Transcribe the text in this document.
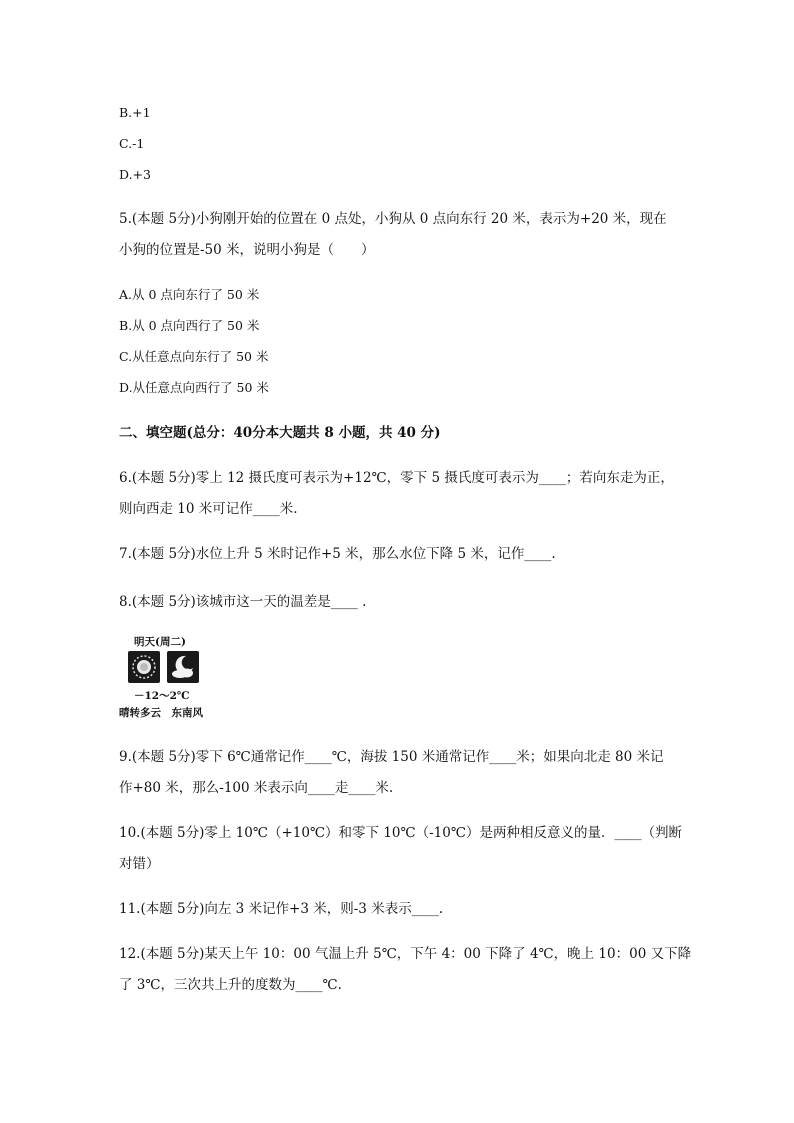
B.+1
C.-1
D.+3
5.(本题 5分)小狗刚开始的位置在 0 点处，小狗从 0 点向东行 20 米，表示为+20 米，现在
小狗的位置是-50 米，说明小狗是（　　）
A.从 0 点向东行了 50 米
B.从 0 点向西行了 50 米
C.从任意点向东行了 50 米
D.从任意点向西行了 50 米
二、填空题(总分：40分本大题共 8 小题，共 40 分)
6.(本题 5分)零上 12 摄氏度可表示为+12℃，零下 5 摄氏度可表示为____；若向东走为正，
则向西走 10 米可记作____米.
7.(本题 5分)水位上升 5 米时记作+5 米，那么水位下降 5 米，记作____.
8.(本题 5分)该城市这一天的温差是____ .
明天(周二)
－12～2℃
晴转多云　东南风
9.(本题 5分)零下 6℃通常记作____℃，海拔 150 米通常记作____米；如果向北走 80 米记
作+80 米，那么-100 米表示向____走____米.
10.(本题 5分)零上 10℃（+10℃）和零下 10℃（-10℃）是两种相反意义的量．____（判断
对错）
11.(本题 5分)向左 3 米记作+3 米，则-3 米表示____.
12.(本题 5分)某天上午 10：00 气温上升 5℃，下午 4：00 下降了 4℃，晚上 10：00 又下降
了 3℃，三次共上升的度数为____℃.
